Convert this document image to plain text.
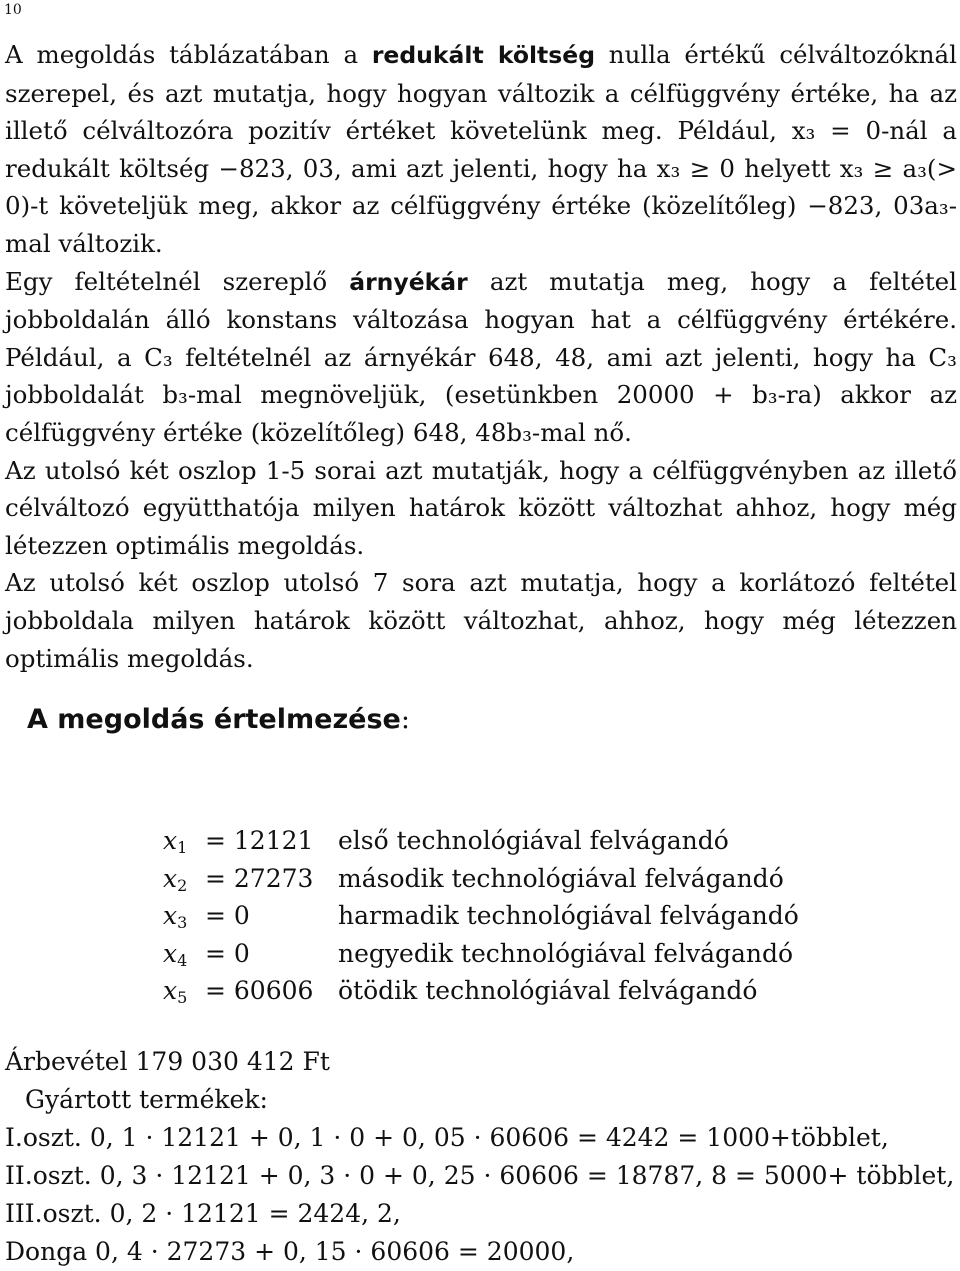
10

A megoldás táblázatában a redukált költség nulla értékű célváltozóknál szerepel, és azt mutatja, hogy hogyan változik a célfüggvény értéke, ha az illető célváltozóra pozitív értéket követelünk meg. Például, x₃ = 0-nál a redukált költség −823, 03, ami azt jelenti, hogy ha x₃ ≥ 0 helyett x₃ ≥ a₃(> 0)-t követeljük meg, akkor az célfüggvény értéke (közelítőleg) −823, 03a₃-mal változik.

Egy feltételnél szereplő árnyékár azt mutatja meg, hogy a feltétel jobboldalán álló konstans változása hogyan hat a célfüggvény értékére. Például, a C₃ feltételnél az árnyékár 648, 48, ami azt jelenti, hogy ha C₃ jobboldalát b₃-mal megnöveljük, (esetünkben 20000 + b₃-ra) akkor az célfüggvény értéke (közelítőleg) 648, 48b₃-mal nő.

Az utolsó két oszlop 1-5 sorai azt mutatják, hogy a célfüggvényben az illető célváltozó együtthatója milyen határok között változhat ahhoz, hogy még létezzen optimális megoldás.

Az utolsó két oszlop utolsó 7 sora azt mutatja, hogy a korlátozó feltétel jobboldala milyen határok között változhat, ahhoz, hogy még létezzen optimális megoldás.

A megoldás értelmezése:
$x_1$	= 12121	első technológiával felvágandó
$x_2$	= 27273	második technológiával felvágandó
$x_3$	= 0	harmadik technológiával felvágandó
$x_4$	= 0	negyedik technológiával felvágandó
$x_5$	= 60606	ötödik technológiával felvágandó
Árbevétel 179 030 412 Ft
Gyártott termékek:
I.oszt. 0, 1 · 12121 + 0, 1 · 0 + 0, 05 · 60606 = 4242 = 1000+többlet,
II.oszt. 0, 3 · 12121 + 0, 3 · 0 + 0, 25 · 60606 = 18787, 8 = 5000+ többlet,
III.oszt. 0, 2 · 12121 = 2424, 2,
Donga 0, 4 · 27273 + 0, 15 · 60606 = 20000,
